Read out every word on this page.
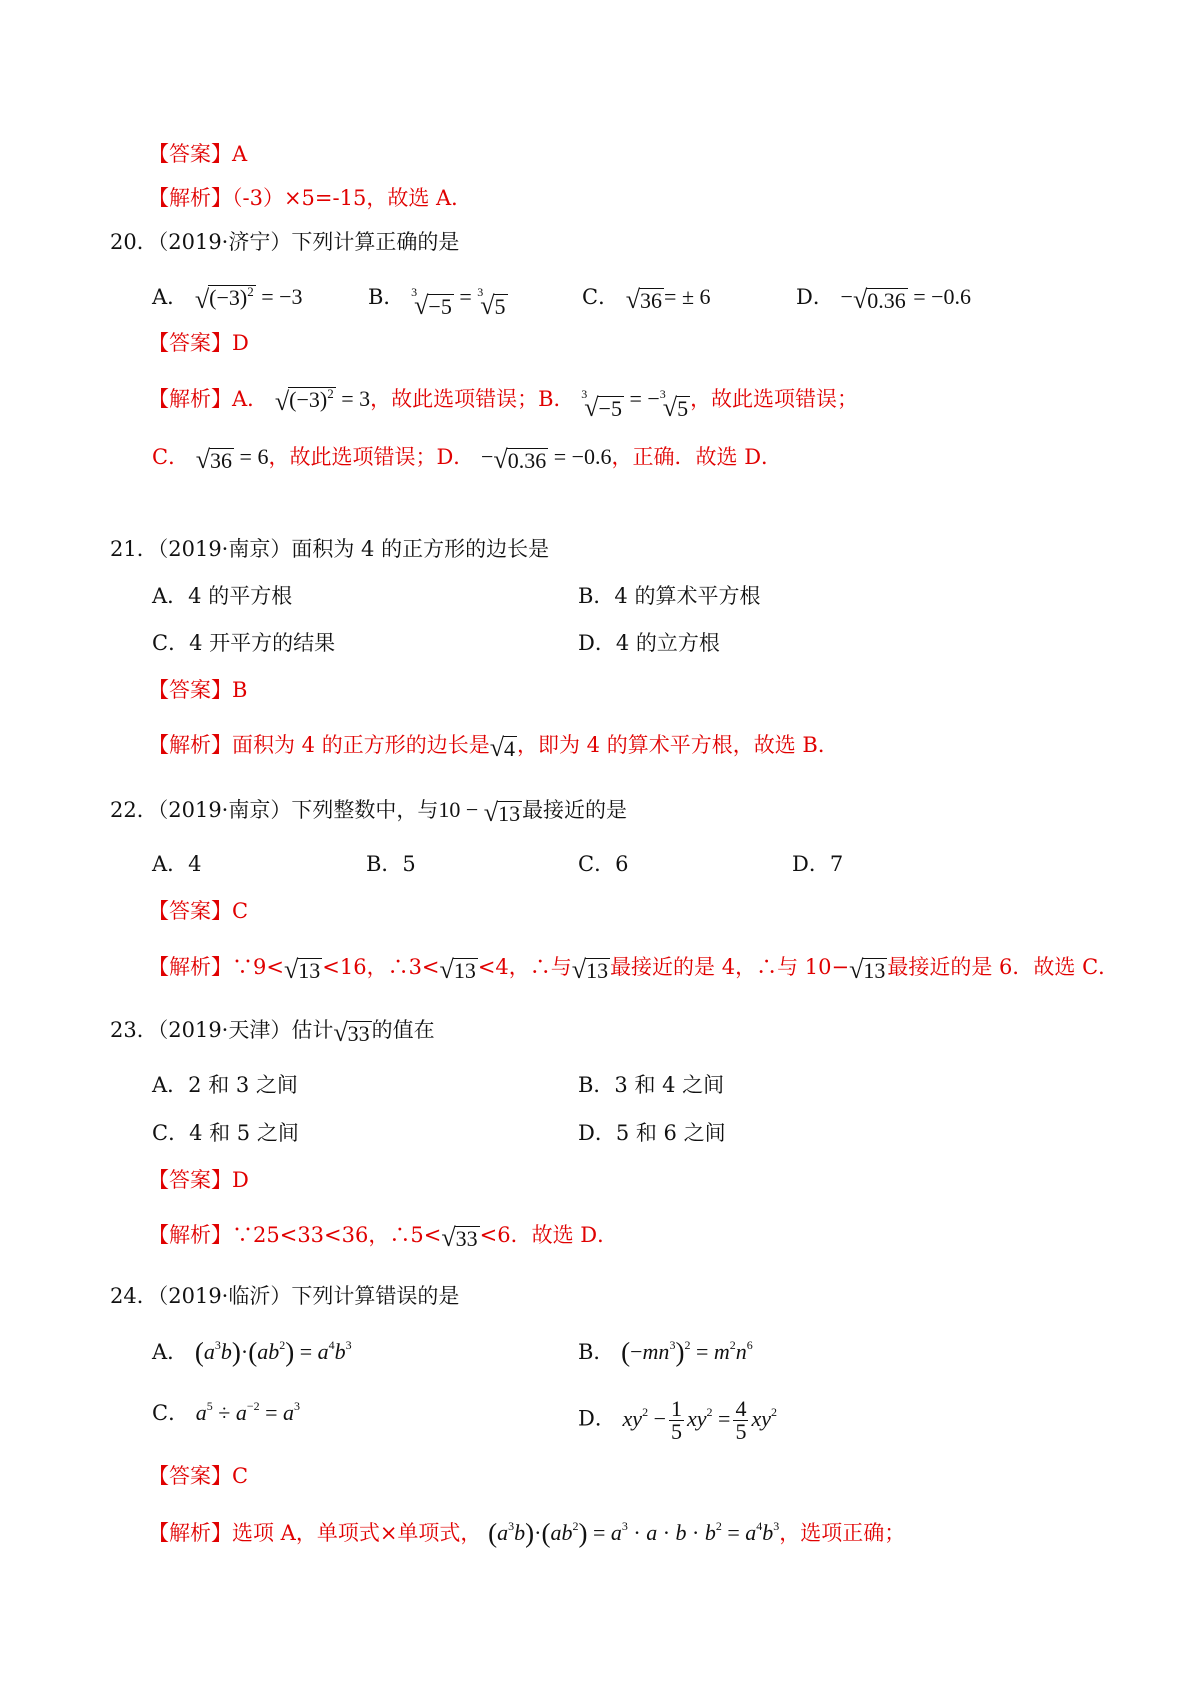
【答案】A
【解析】（-3）×5=-15，故选 A．
20．（2019·济宁）下列计算正确的是
A． √ $(-3)^2 = -3$	B． 3
√ −5 = 3
√ 5	C． √ 36 = ± 6	D． − √ 0.36 = −0.6
【答案】D
【解析】A． √ $(-3)^2 = 3$，故此选项错误；B． 3
√ −5 = − 3
√ 5 ，故此选项错误；
C． √ 36 = 6，故此选项错误；D． − √ 0.36 = −0.6，正确．故选 D．
21．（2019·南京）面积为 4 的正方形的边长是
A．4 的平方根	B．4 的算术平方根
C．4 开平方的结果	D．4 的立方根
【答案】B
【解析】面积为 4 的正方形的边长是 √ 4 ，即为 4 的算术平方根，故选 B．
22．（2019·南京）下列整数中，与10 − √ 13 最接近的是
A．4	B．5	C．6	D．7
【答案】C
【解析】∵9< √ 13 <16，∴3< √ 13 <4，∴与 √ 13 最接近的是 4，∴与 10− √ 13 最接近的是 6．故选 C．
23．（2019·天津）估计 √ 33 的值在
A．2 和 3 之间	B．3 和 4 之间
C．4 和 5 之间	D．5 和 6 之间
【答案】D
【解析】∵25<33<36，∴5< √ 33 <6．故选 D．
24．（2019·临沂）下列计算错误的是
A． $(a^3b)\cdot(ab^2) = a^4b^3$	B． $(-mn^3)^2 = m^2n^6$
C． $a^5 \div a^{-2} = a^3$
D． $xy^2 - \frac{1}{5} xy^2 = \frac{4}{5} xy^2$
【答案】C
【解析】选项 A，单项式×单项式， $(a^3b)\cdot(ab^2) = a^3 \cdot a \cdot b \cdot b^2 = a^4b^3$，选项正确；
